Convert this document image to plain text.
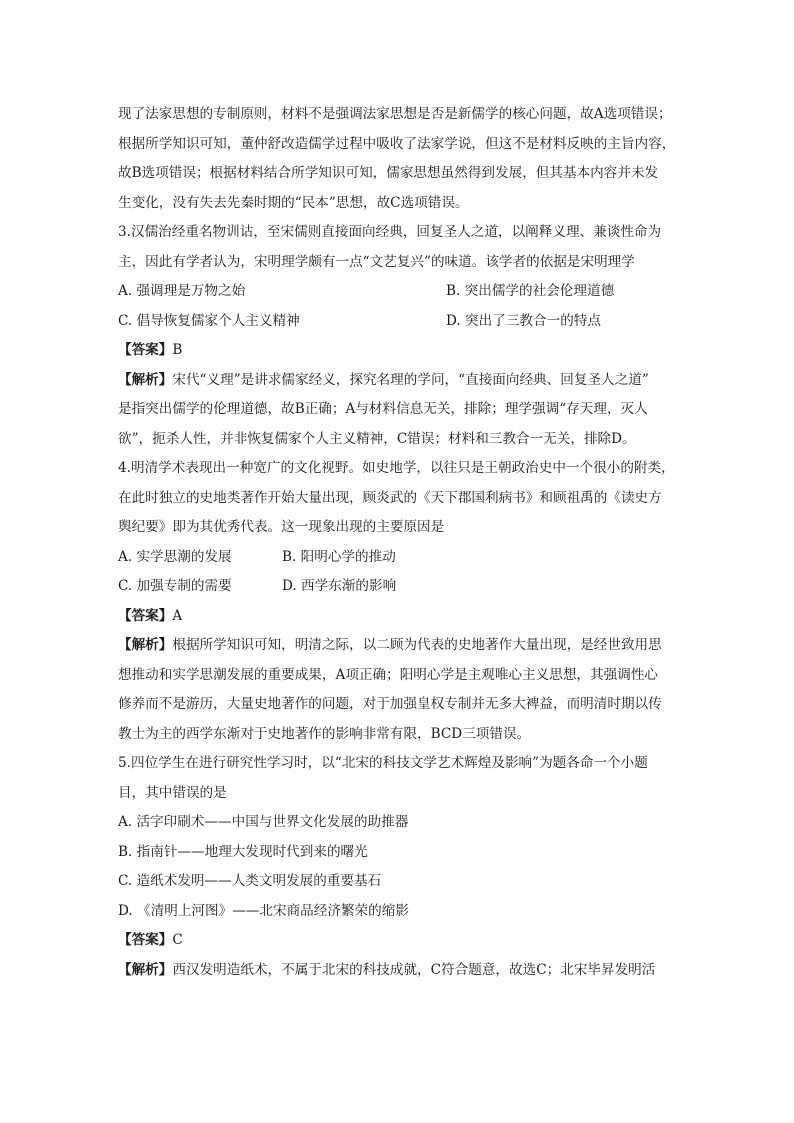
现了法家思想的专制原则，材料不是强调法家思想是否是新儒学的核心问题，故A选项错误；
根据所学知识可知，董仲舒改造儒学过程中吸收了法家学说，但这不是材料反映的主旨内容，
故B选项错误；根据材料结合所学知识可知，儒家思想虽然得到发展，但其基本内容并未发
生变化，没有失去先秦时期的“民本”思想，故C选项错误。
3.汉儒治经重名物训诂，至宋儒则直接面向经典，回复圣人之道，以阐释义理、兼谈性命为
主，因此有学者认为，宋明理学颇有一点“文艺复兴”的味道。该学者的依据是宋明理学
A. 强调理是万物之始	B. 突出儒学的社会伦理道德
C. 倡导恢复儒家个人主义精神	D. 突出了三教合一的特点
【答案】B
【解析】宋代“义理”是讲求儒家经义，探究名理的学问，“直接面向经典、回复圣人之道”
是指突出儒学的伦理道德，故B正确；A与材料信息无关，排除；理学强调“存天理，灭人
欲”，扼杀人性，并非恢复儒家个人主义精神，C错误；材料和三教合一无关，排除D。
4.明清学术表现出一种宽广的文化视野。如史地学，以往只是王朝政治史中一个很小的附类，
在此时独立的史地类著作开始大量出现，顾炎武的《天下郡国利病书》和顾祖禹的《读史方
舆纪要》即为其优秀代表。这一现象出现的主要原因是
A. 实学思潮的发展	B. 阳明心学的推动
C. 加强专制的需要	D. 西学东渐的影响
【答案】A
【解析】根据所学知识可知，明清之际，以二顾为代表的史地著作大量出现，是经世致用思
想推动和实学思潮发展的重要成果，A项正确；阳明心学是主观唯心主义思想，其强调性心
修养而不是游历，大量史地著作的问题，对于加强皇权专制并无多大裨益，而明清时期以传
教士为主的西学东渐对于史地著作的影响非常有限，BCD三项错误。
5.四位学生在进行研究性学习时，以“北宋的科技文学艺术辉煌及影响”为题各命一个小题
目，其中错误的是
A. 活字印刷术——中国与世界文化发展的助推器
B. 指南针——地理大发现时代到来的曙光
C. 造纸术发明——人类文明发展的重要基石
D. 《清明上河图》——北宋商品经济繁荣的缩影
【答案】C
【解析】西汉发明造纸术，不属于北宋的科技成就，C符合题意，故选C；北宋毕昇发明活
